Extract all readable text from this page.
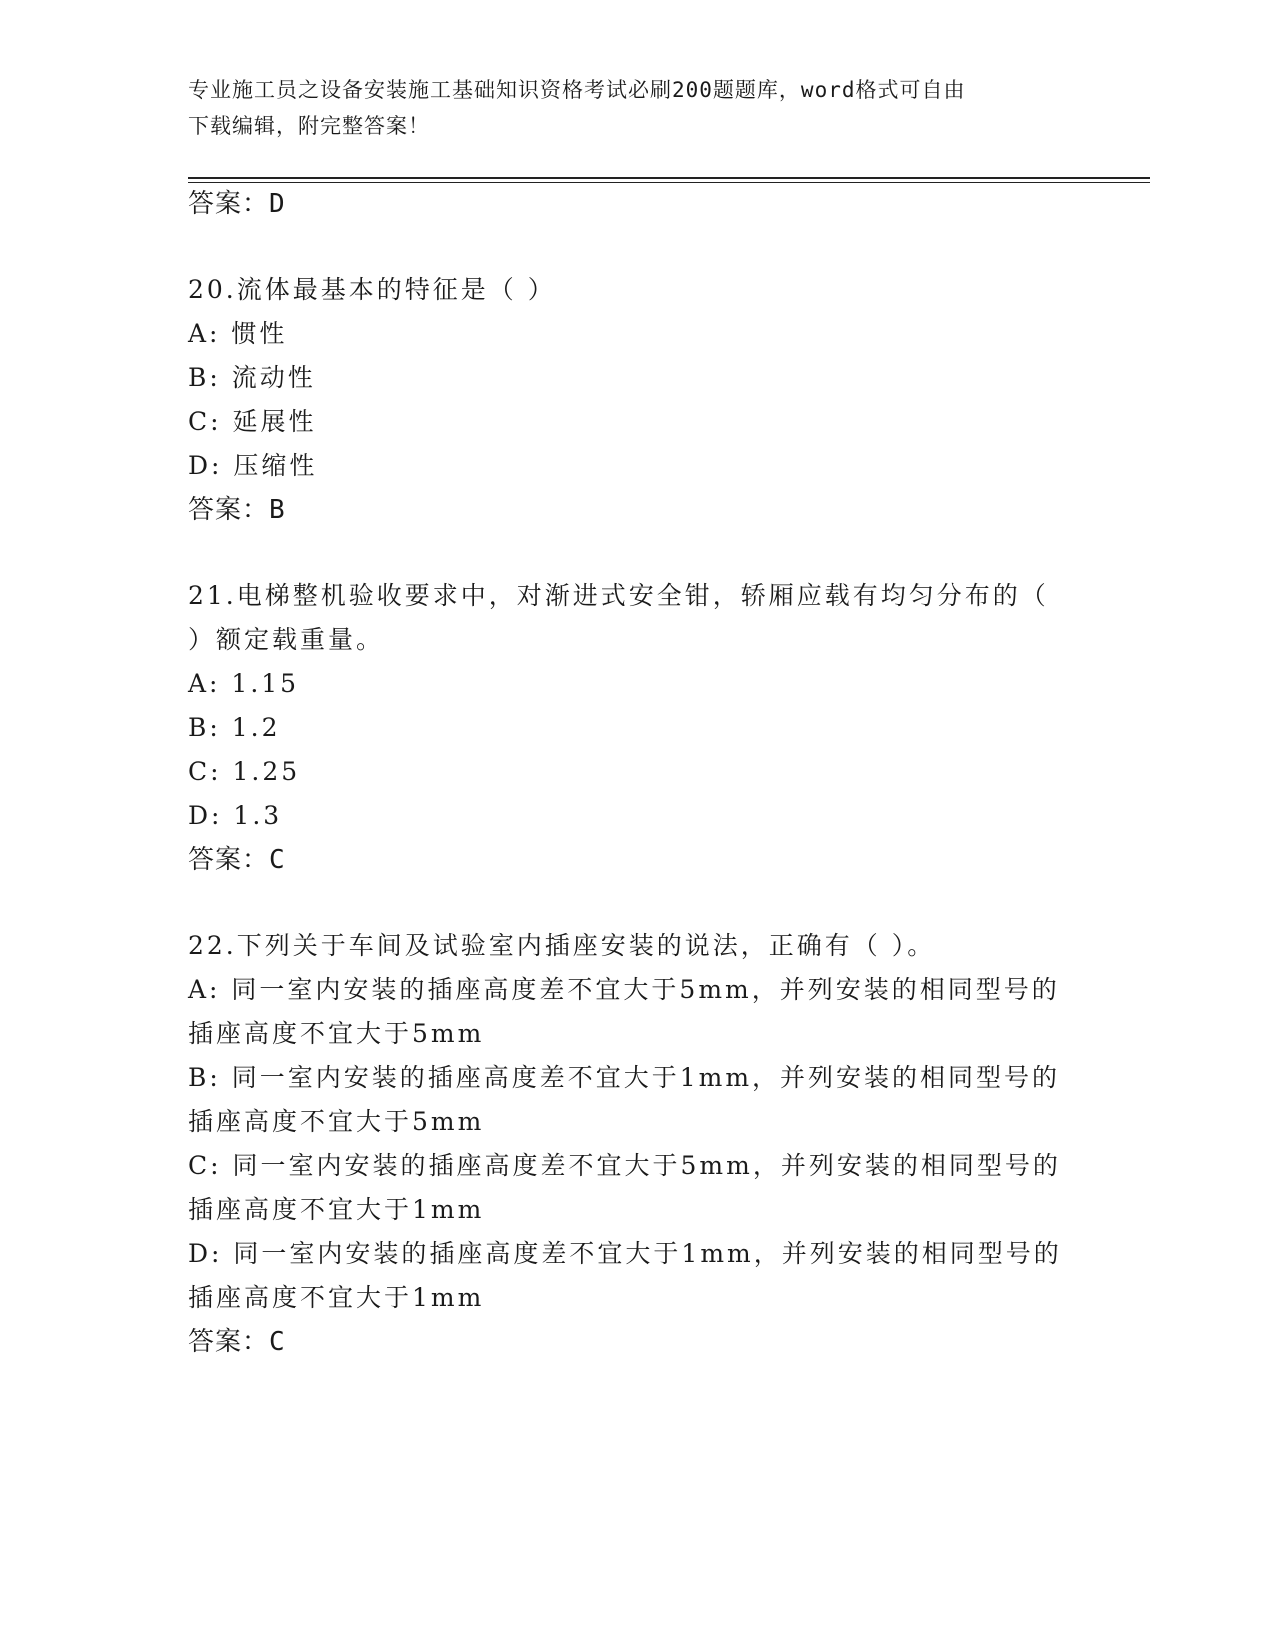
专业施工员之设备安装施工基础知识资格考试必刷200题题库，word格式可自由
下载编辑，附完整答案！
答案：D
20.流体最基本的特征是（ ）
A: 惯性
B: 流动性
C: 延展性
D: 压缩性
答案：B
21.电梯整机验收要求中，对渐进式安全钳，轿厢应载有均匀分布的（
）额定载重量。
A: 1.15
B: 1.2
C: 1.25
D: 1.3
答案：C
22.下列关于车间及试验室内插座安装的说法，正确有（ ）。
A: 同一室内安装的插座高度差不宜大于5mm，并列安装的相同型号的
插座高度不宜大于5mm
B: 同一室内安装的插座高度差不宜大于1mm，并列安装的相同型号的
插座高度不宜大于5mm
C: 同一室内安装的插座高度差不宜大于5mm，并列安装的相同型号的
插座高度不宜大于1mm
D: 同一室内安装的插座高度差不宜大于1mm，并列安装的相同型号的
插座高度不宜大于1mm
答案：C
